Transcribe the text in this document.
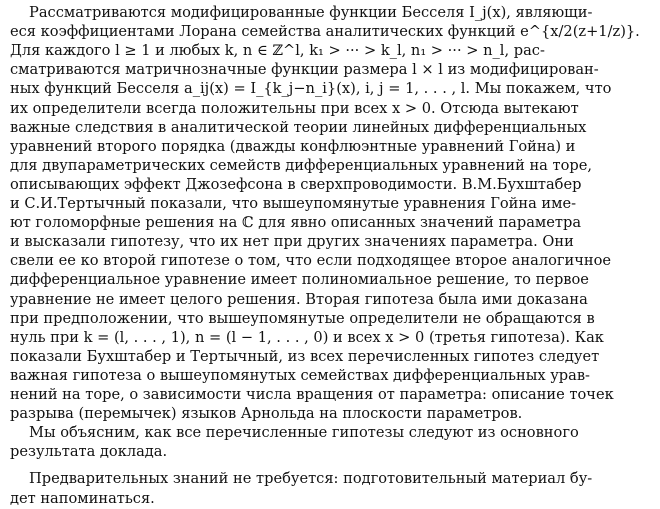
Рассматриваются модифицированные функции Бесселя I_j(x), являющи-
еся коэффициентами Лорана семейства аналитических функций e^{x/2(z+1/z)}.
Для каждого l ≥ 1 и любых k, n ∈ ℤ^l, k₁ > ··· > k_l, n₁ > ··· > n_l, рас-
сматриваются матричнозначные функции размера l × l из модифицирован-
ных функций Бесселя a_ij(x) = I_{k_j−n_i}(x), i, j = 1, . . . , l. Мы покажем, что
их определители всегда положительны при всех x > 0. Отсюда вытекают
важные следствия в аналитической теории линейных дифференциальных
уравнений второго порядка (дважды конфлюэнтные уравнений Гойна) и
для двупараметрических семейств дифференциальных уравнений на торе,
описывающих эффект Джозефсона в сверхпроводимости. В.М.Бухштабер
и С.И.Тертычный показали, что вышеупомянутые уравнения Гойна име-
ют голоморфные решения на ℂ для явно описанных значений параметра
и высказали гипотезу, что их нет при других значениях параметра. Они
свели ее ко второй гипотезе о том, что если подходящее второе аналогичное
дифференциальное уравнение имеет полиномиальное решение, то первое
уравнение не имеет целого решения. Вторая гипотеза была ими доказана
при предположении, что вышеупомянутые определители не обращаются в
нуль при k = (l, . . . , 1), n = (l − 1, . . . , 0) и всех x > 0 (третья гипотеза). Как
показали Бухштабер и Тертычный, из всех перечисленных гипотез следует
важная гипотеза о вышеупомянутых семействах дифференциальных урав-
нений на торе, о зависимости числа вращения от параметра: описание точек
разрыва (перемычек) языков Арнольда на плоскости параметров.
Мы объясним, как все перечисленные гипотезы следуют из основного
результата доклада.
Предварительных знаний не требуется: подготовительный материал бу-
дет напоминаться.
